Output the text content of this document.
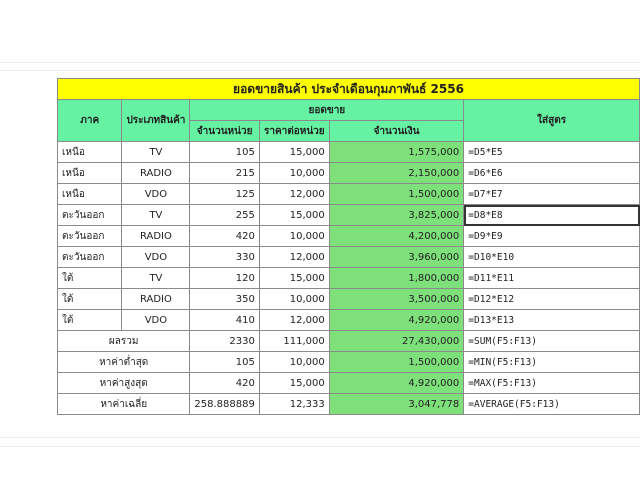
ยอดขายสินค้า ประจำเดือนกุมภาพันธ์ 2556					
ภาค	ประเภทสินค้า	ยอดขาย			ใส่สูตร
		จำนวนหน่วย	ราคาต่อหน่วย	จำนวนเงิน	
เหนือ	TV	105	15,000	1,575,000	=D5*E5
เหนือ	RADIO	215	10,000	2,150,000	=D6*E6
เหนือ	VDO	125	12,000	1,500,000	=D7*E7
ตะวันออก	TV	255	15,000	3,825,000	=D8*E8
ตะวันออก	RADIO	420	10,000	4,200,000	=D9*E9
ตะวันออก	VDO	330	12,000	3,960,000	=D10*E10
ใต้	TV	120	15,000	1,800,000	=D11*E11
ใต้	RADIO	350	10,000	3,500,000	=D12*E12
ใต้	VDO	410	12,000	4,920,000	=D13*E13
ผลรวม		2330	111,000	27,430,000	=SUM(F5:F13)
หาค่าต่ำสุด		105	10,000	1,500,000	=MIN(F5:F13)
หาค่าสูงสุด		420	15,000	4,920,000	=MAX(F5:F13)
หาค่าเฉลี่ย		258.888889	12,333	3,047,778	=AVERAGE(F5:F13)
